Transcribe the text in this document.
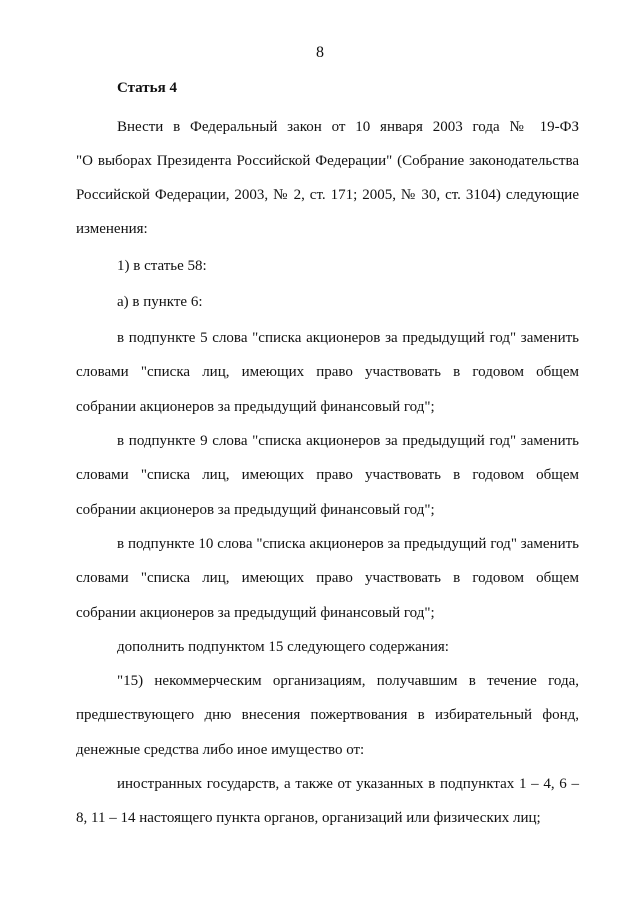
8
Статья 4
Внести в Федеральный закон от 10 января 2003 года № 19-ФЗ
"О выборах Президента Российской Федерации" (Собрание законодательства
Российской Федерации, 2003, № 2, ст. 171; 2005, № 30, ст. 3104) следующие
изменения:
1) в статье 58:
а) в пункте 6:
в подпункте 5 слова "списка акционеров за предыдущий год" заменить
словами "списка лиц, имеющих право участвовать в годовом общем
собрании акционеров за предыдущий финансовый год";
в подпункте 9 слова "списка акционеров за предыдущий год" заменить
словами "списка лиц, имеющих право участвовать в годовом общем
собрании акционеров за предыдущий финансовый год";
в подпункте 10 слова "списка акционеров за предыдущий год" заменить
словами "списка лиц, имеющих право участвовать в годовом общем
собрании акционеров за предыдущий финансовый год";
дополнить подпунктом 15 следующего содержания:
"15) некоммерческим организациям, получавшим в течение года,
предшествующего дню внесения пожертвования в избирательный фонд,
денежные средства либо иное имущество от:
иностранных государств, а также от указанных в подпунктах 1 – 4, 6 –
8, 11 – 14 настоящего пункта органов, организаций или физических лиц;
